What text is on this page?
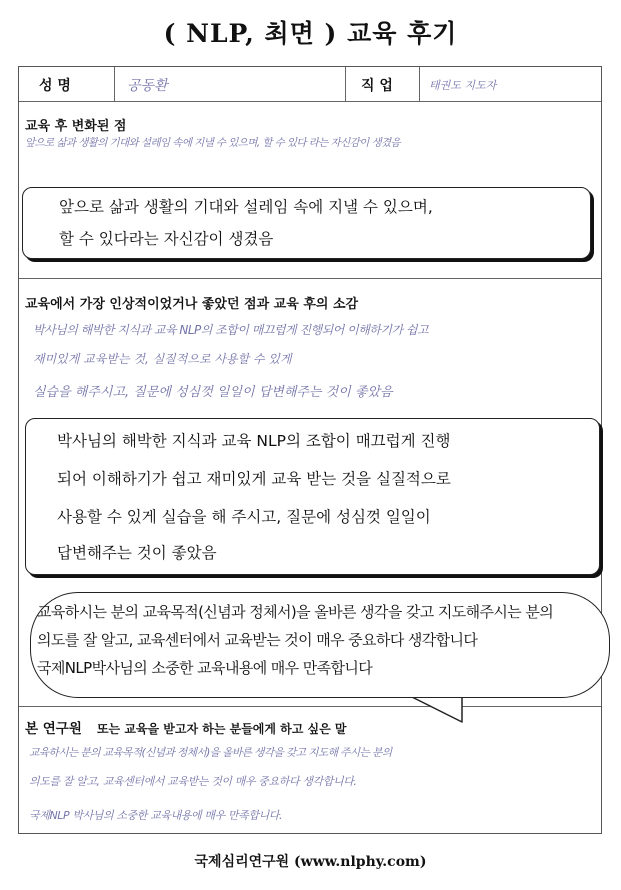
( NLP, 최면 ) 교육 후기
성 명	공동환	직 업	태권도 지도자
교육 후 변화된 점
앞으로 삶과 생활의 기대와 설레임 속에 지낼 수 있으며, 할 수 있다 라는 자신감이 생겼음

앞으로 삶과 생활의 기대와 설레임 속에 지낼 수 있으며,

할 수 있다라는 자신감이 생겼음

교육에서 가장 인상적이었거나 좋았던 점과 교육 후의 소감
박사님의 해박한 지식과 교육 NLP의 조합이 매끄럽게 진행되어 이해하기가 쉽고
재미있게 교육받는 것, 실질적으로 사용할 수 있게
실습을 해주시고, 질문에 성심껏 일일이 답변해주는 것이 좋았음

박사님의 해박한 지식과 교육 NLP의 조합이 매끄럽게 진행

되어 이해하기가 쉽고 재미있게 교육 받는 것을 실질적으로

사용할 수 있게 실습을 해 주시고, 질문에 성심껏 일일이

답변해주는 것이 좋았음

본 연구원 또는 교육을 받고자 하는 분들에게 하고 싶은 말
교육하시는 분의 교육목적(신념과 정체서)을 올바른 생각을 갖고 지도해 주시는 분의
의도를 잘 알고, 교육센터에서 교육받는 것이 매우 중요하다 생각합니다.
국제NLP 박사님의 소중한 교육내용에 매우 만족합니다.

교육하시는 분의 교육목적(신념과 정체서)을 올바른 생각을 갖고 지도해주시는 분의

의도를 잘 알고, 교육센터에서 교육받는 것이 매우 중요하다 생각합니다

국제NLP박사님의 소중한 교육내용에 매우 만족합니다

국제심리연구원 (www.nlphy.com)
